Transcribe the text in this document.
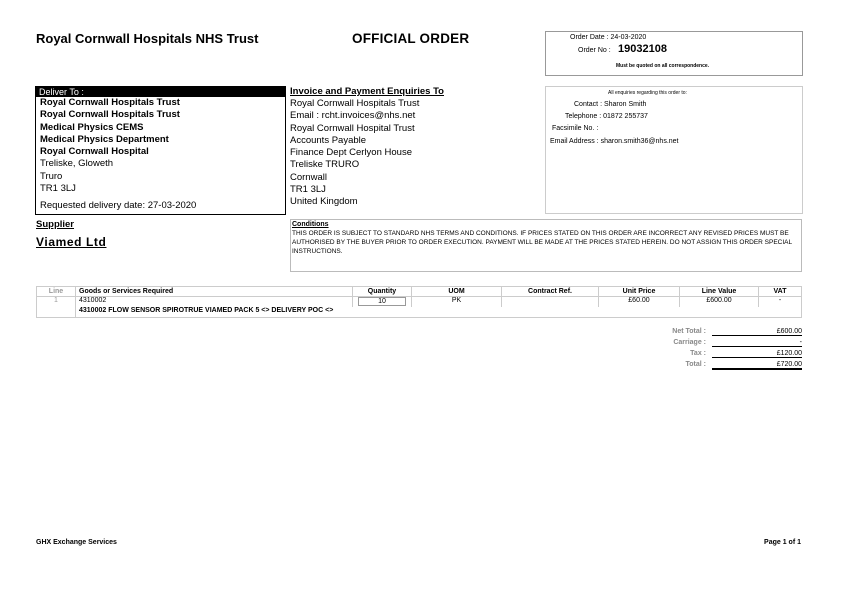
Royal Cornwall Hospitals NHS Trust	OFFICIAL ORDER	Order Date : 24-03-2020
Order No : 19032108
Must be quoted on all correspondence.
Deliver To :
Royal Cornwall Hospitals Trust
Royal Cornwall Hospitals Trust
Medical Physics CEMS
Medical Physics Department
Royal Cornwall Hospital
Treliske, Gloweth
Truro
TR1 3LJ
Requested delivery date: 27-03-2020
Invoice and Payment Enquiries To
Royal Cornwall Hospitals Trust
Email : rcht.invoices@nhs.net
Royal Cornwall Hospital Trust
Accounts Payable
Finance Dept Cerlyon House
Treliske TRURO
Cornwall
TR1 3LJ
United Kingdom
All enquiries regarding this order to:
Contact : Sharon Smith
Telephone : 01872 255737
Facsimile No. :
Email Address : sharon.smith36@nhs.net
Supplier
Viamed Ltd
Conditions
THIS ORDER IS SUBJECT TO STANDARD NHS TERMS AND CONDITIONS. IF PRICES STATED ON THIS ORDER ARE INCORRECT ANY REVISED PRICES MUST BE AUTHORISED BY THE BUYER PRIOR TO ORDER EXECUTION. PAYMENT WILL BE MADE AT THE PRICES STATED HEREIN. DO NOT ASSIGN THIS ORDER SPECIAL INSTRUCTIONS.
Line	Goods or Services Required	Quantity	UOM	Contract Ref.	Unit Price	Line Value	VAT
1	4310002	10	PK		£60.00	£600.00	-
	4310002 FLOW SENSOR SPIROTRUE VIAMED PACK 5 <> DELIVERY POC <>						
Net Total :	£600.00
Carriage :	-
Tax :	£120.00
Total :	£720.00
GHX Exchange Services	Page 1 of 1
